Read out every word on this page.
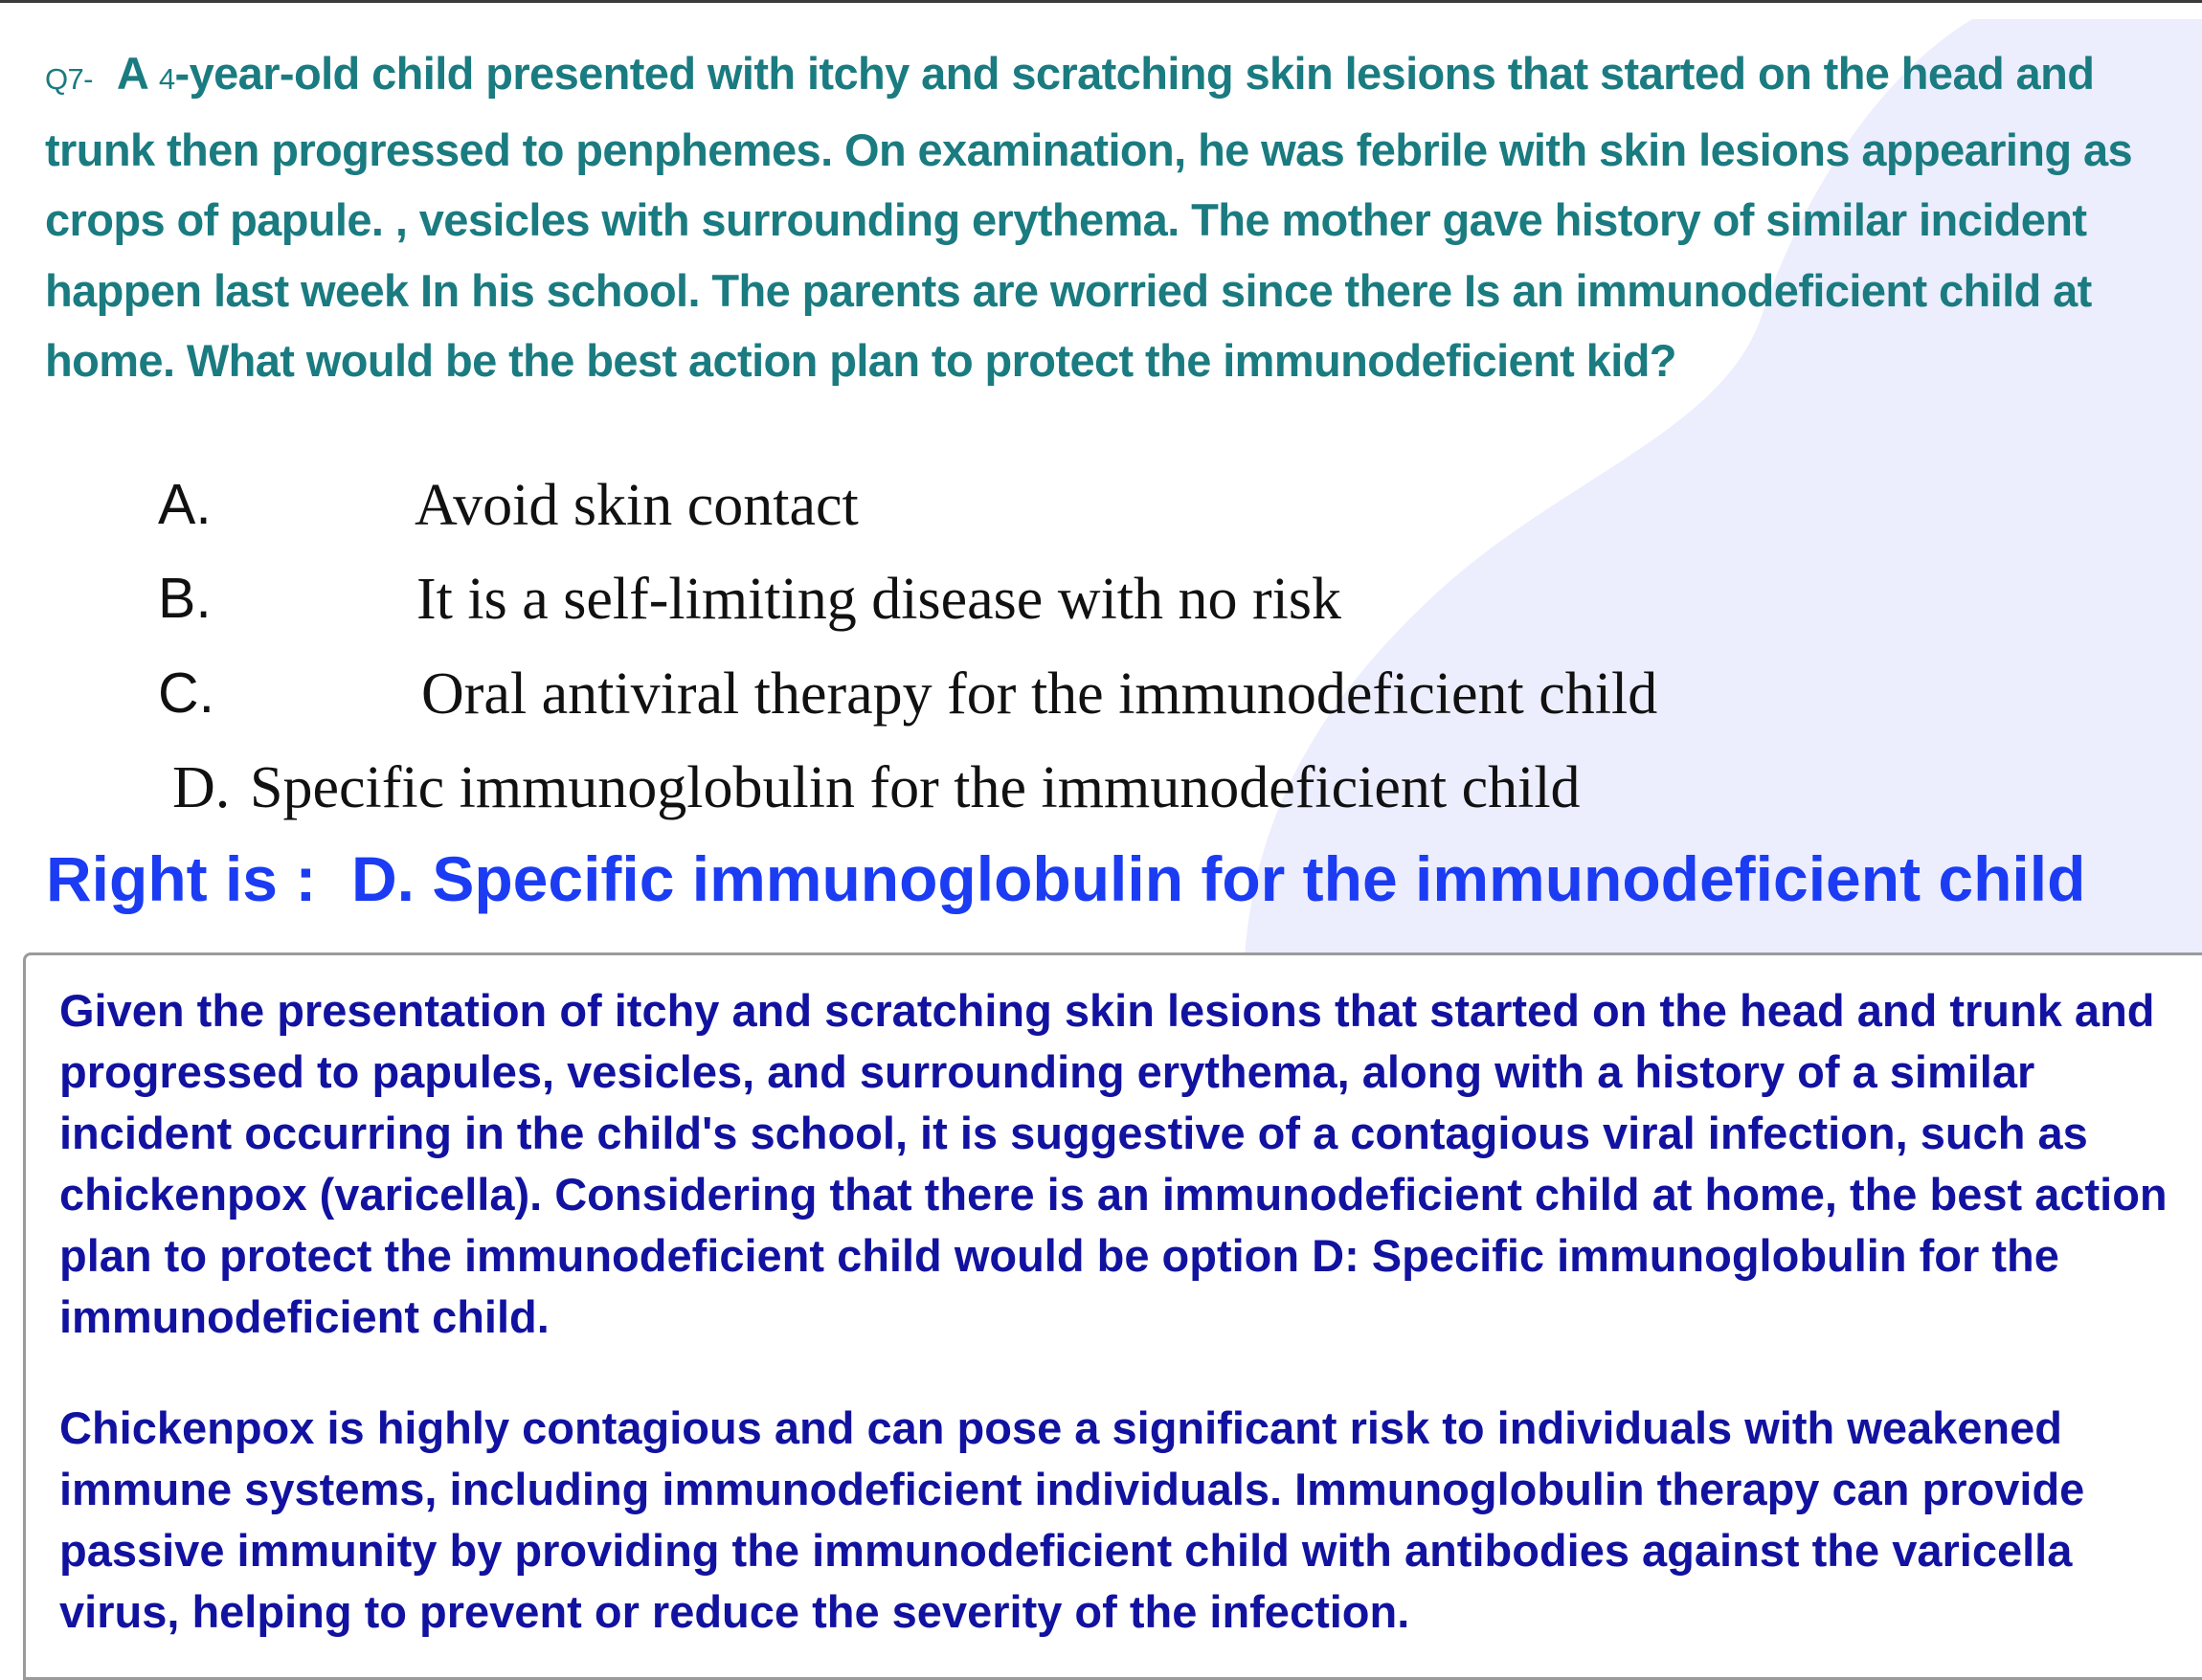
Q7- A 4-year-old child presented with itchy and scratching skin lesions that started on the head and trunk then progressed to penphemes. On examination, he was febrile with skin lesions appearing as crops of papule. , vesicles with surrounding erythema. The mother gave history of similar incident happen last week In his school. The parents are worried since there Is an immunodeficient child at home. What would be the best action plan to protect the immunodeficient kid?

A.	Avoid skin contact
B.	It is a self-limiting disease with no risk
C.	Oral antiviral therapy for the immunodeficient child
D. Specific immunoglobulin for the immunodeficient child
Right is : D. Specific immunoglobulin for the immunodeficient child

Given the presentation of itchy and scratching skin lesions that started on the head and trunk and progressed to papules, vesicles, and surrounding erythema, along with a history of a similar incident occurring in the child's school, it is suggestive of a contagious viral infection, such as chickenpox (varicella). Considering that there is an immunodeficient child at home, the best action plan to protect the immunodeficient child would be option D: Specific immunoglobulin for the immunodeficient child.

Chickenpox is highly contagious and can pose a significant risk to individuals with weakened immune systems, including immunodeficient individuals. Immunoglobulin therapy can provide passive immunity by providing the immunodeficient child with antibodies against the varicella virus, helping to prevent or reduce the severity of the infection.
